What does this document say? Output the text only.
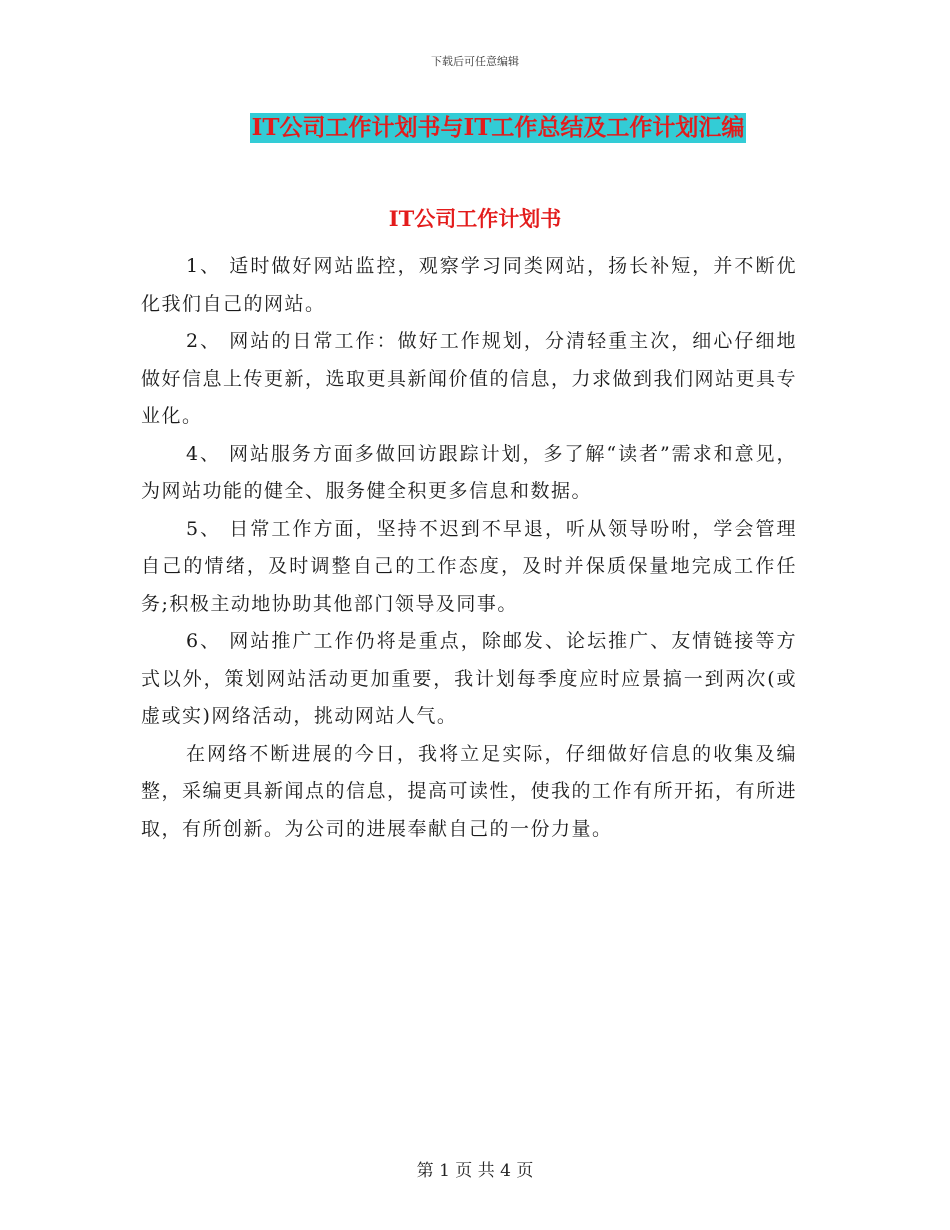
下载后可任意编辑
IT公司工作计划书与IT工作总结及工作计划汇编
IT公司工作计划书

1、 适时做好网站监控，观察学习同类网站，扬长补短，并不断优化我们自己的网站。

2、 网站的日常工作：做好工作规划，分清轻重主次，细心仔细地做好信息上传更新，选取更具新闻价值的信息，力求做到我们网站更具专业化。

4、 网站服务方面多做回访跟踪计划，多了解“读者”需求和意见，为网站功能的健全、服务健全积更多信息和数据。

5、 日常工作方面，坚持不迟到不早退，听从领导吩咐，学会管理自己的情绪，及时调整自己的工作态度，及时并保质保量地完成工作任务;积极主动地协助其他部门领导及同事。

6、 网站推广工作仍将是重点，除邮发、论坛推广、友情链接等方式以外，策划网站活动更加重要，我计划每季度应时应景搞一到两次(或虚或实)网络活动，挑动网站人气。

在网络不断进展的今日，我将立足实际，仔细做好信息的收集及编整，采编更具新闻点的信息，提高可读性，使我的工作有所开拓，有所进取，有所创新。为公司的进展奉献自己的一份力量。

第 1 页 共 4 页
